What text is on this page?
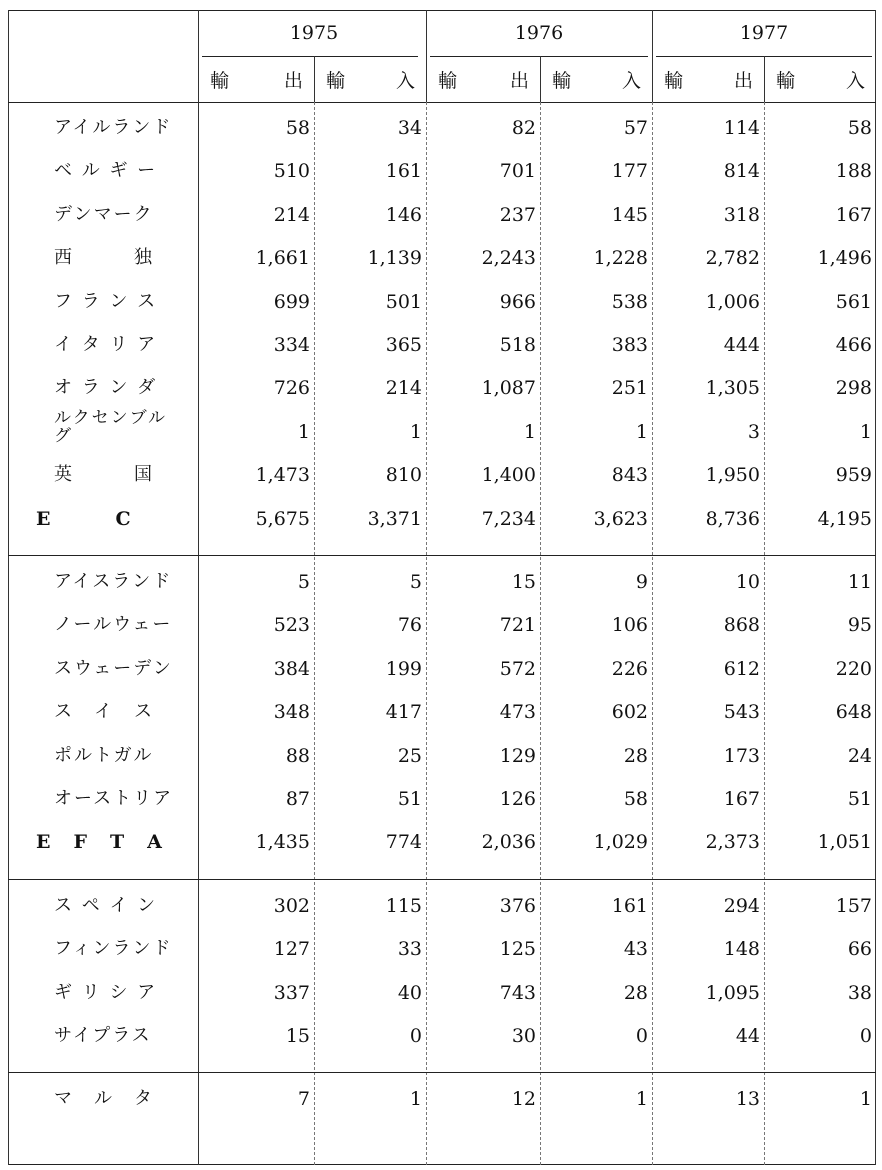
1975	1976	1977
輸	出 輸	入 輸	出 輸	入 輸	出 輸	入
アイルランド	58	34	82	57	114	58
ベ ル ギ ー	510	161	701	177	814	188
デンマーク	214	146	237	145	318	167
西　　　独	1,661	1,139	2,243	1,228	2,782	1,496
フ ラ ン ス	699	501	966	538	1,006	561
イ タ リ ア	334	365	518	383	444	466
オ ラ ン ダ	726	214	1,087	251	1,305	298
ルクセンブルグ	1	1	1	1	3	1
英　　　国	1,473	810	1,400	843	1,950	959
E　　　C	5,675	3,371	7,234	3,623	8,736	4,195
アイスランド	5	5	15	9	10	11
ノールウェー	523	76	721	106	868	95
スウェーデン	384	199	572	226	612	220
ス　イ　ス	348	417	473	602	543	648
ポルトガル	88	25	129	28	173	24
オーストリア	87	51	126	58	167	51
E　F　T　A	1,435	774	2,036	1,029	2,373	1,051
ス ペ イ ン	302	115	376	161	294	157
フィンランド	127	33	125	43	148	66
ギ リ シ ア	337	40	743	28	1,095	38
サイプラス	15	0	30	0	44	0
マ　ル　タ	7	1	12	1	13	1
